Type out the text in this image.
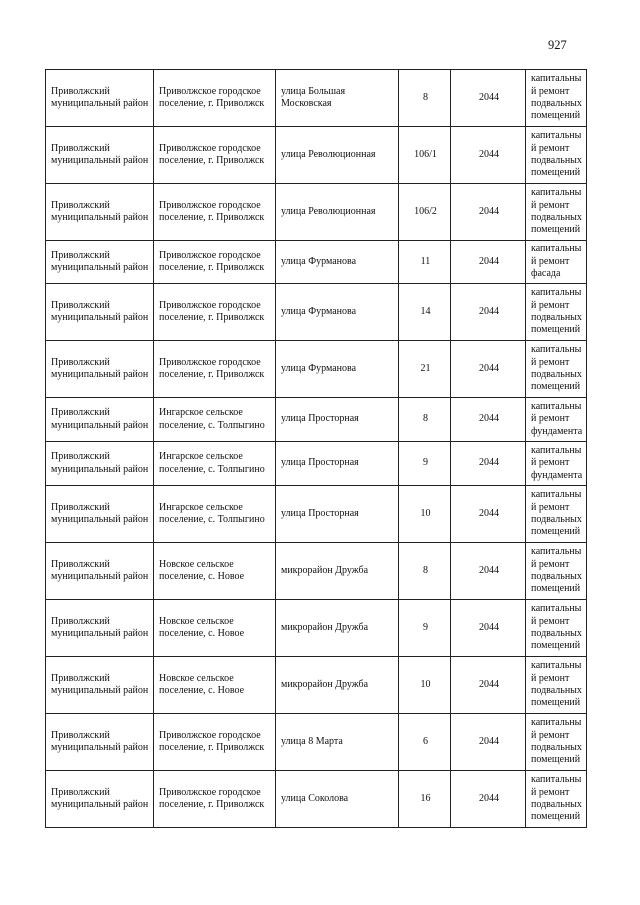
927
Приволжский муниципальный район	Приволжское городское поселение, г. Приволжск	улица Большая Московская	8	2044	капитальный ремонт подвальных помещений
Приволжский муниципальный район	Приволжское городское поселение, г. Приволжск	улица Революционная	106/1	2044	капитальный ремонт подвальных помещений
Приволжский муниципальный район	Приволжское городское поселение, г. Приволжск	улица Революционная	106/2	2044	капитальный ремонт подвальных помещений
Приволжский муниципальный район	Приволжское городское поселение, г. Приволжск	улица Фурманова	11	2044	капитальный ремонт фасада
Приволжский муниципальный район	Приволжское городское поселение, г. Приволжск	улица Фурманова	14	2044	капитальный ремонт подвальных помещений
Приволжский муниципальный район	Приволжское городское поселение, г. Приволжск	улица Фурманова	21	2044	капитальный ремонт подвальных помещений
Приволжский муниципальный район	Ингарское сельское поселение, с. Толпыгино	улица Просторная	8	2044	капитальный ремонт фундамента
Приволжский муниципальный район	Ингарское сельское поселение, с. Толпыгино	улица Просторная	9	2044	капитальный ремонт фундамента
Приволжский муниципальный район	Ингарское сельское поселение, с. Толпыгино	улица Просторная	10	2044	капитальный ремонт подвальных помещений
Приволжский муниципальный район	Новское сельское поселение, с. Новое	микрорайон Дружба	8	2044	капитальный ремонт подвальных помещений
Приволжский муниципальный район	Новское сельское поселение, с. Новое	микрорайон Дружба	9	2044	капитальный ремонт подвальных помещений
Приволжский муниципальный район	Новское сельское поселение, с. Новое	микрорайон Дружба	10	2044	капитальный ремонт подвальных помещений
Приволжский муниципальный район	Приволжское городское поселение, г. Приволжск	улица 8 Марта	6	2044	капитальный ремонт подвальных помещений
Приволжский муниципальный район	Приволжское городское поселение, г. Приволжск	улица Соколова	16	2044	капитальный ремонт подвальных помещений
